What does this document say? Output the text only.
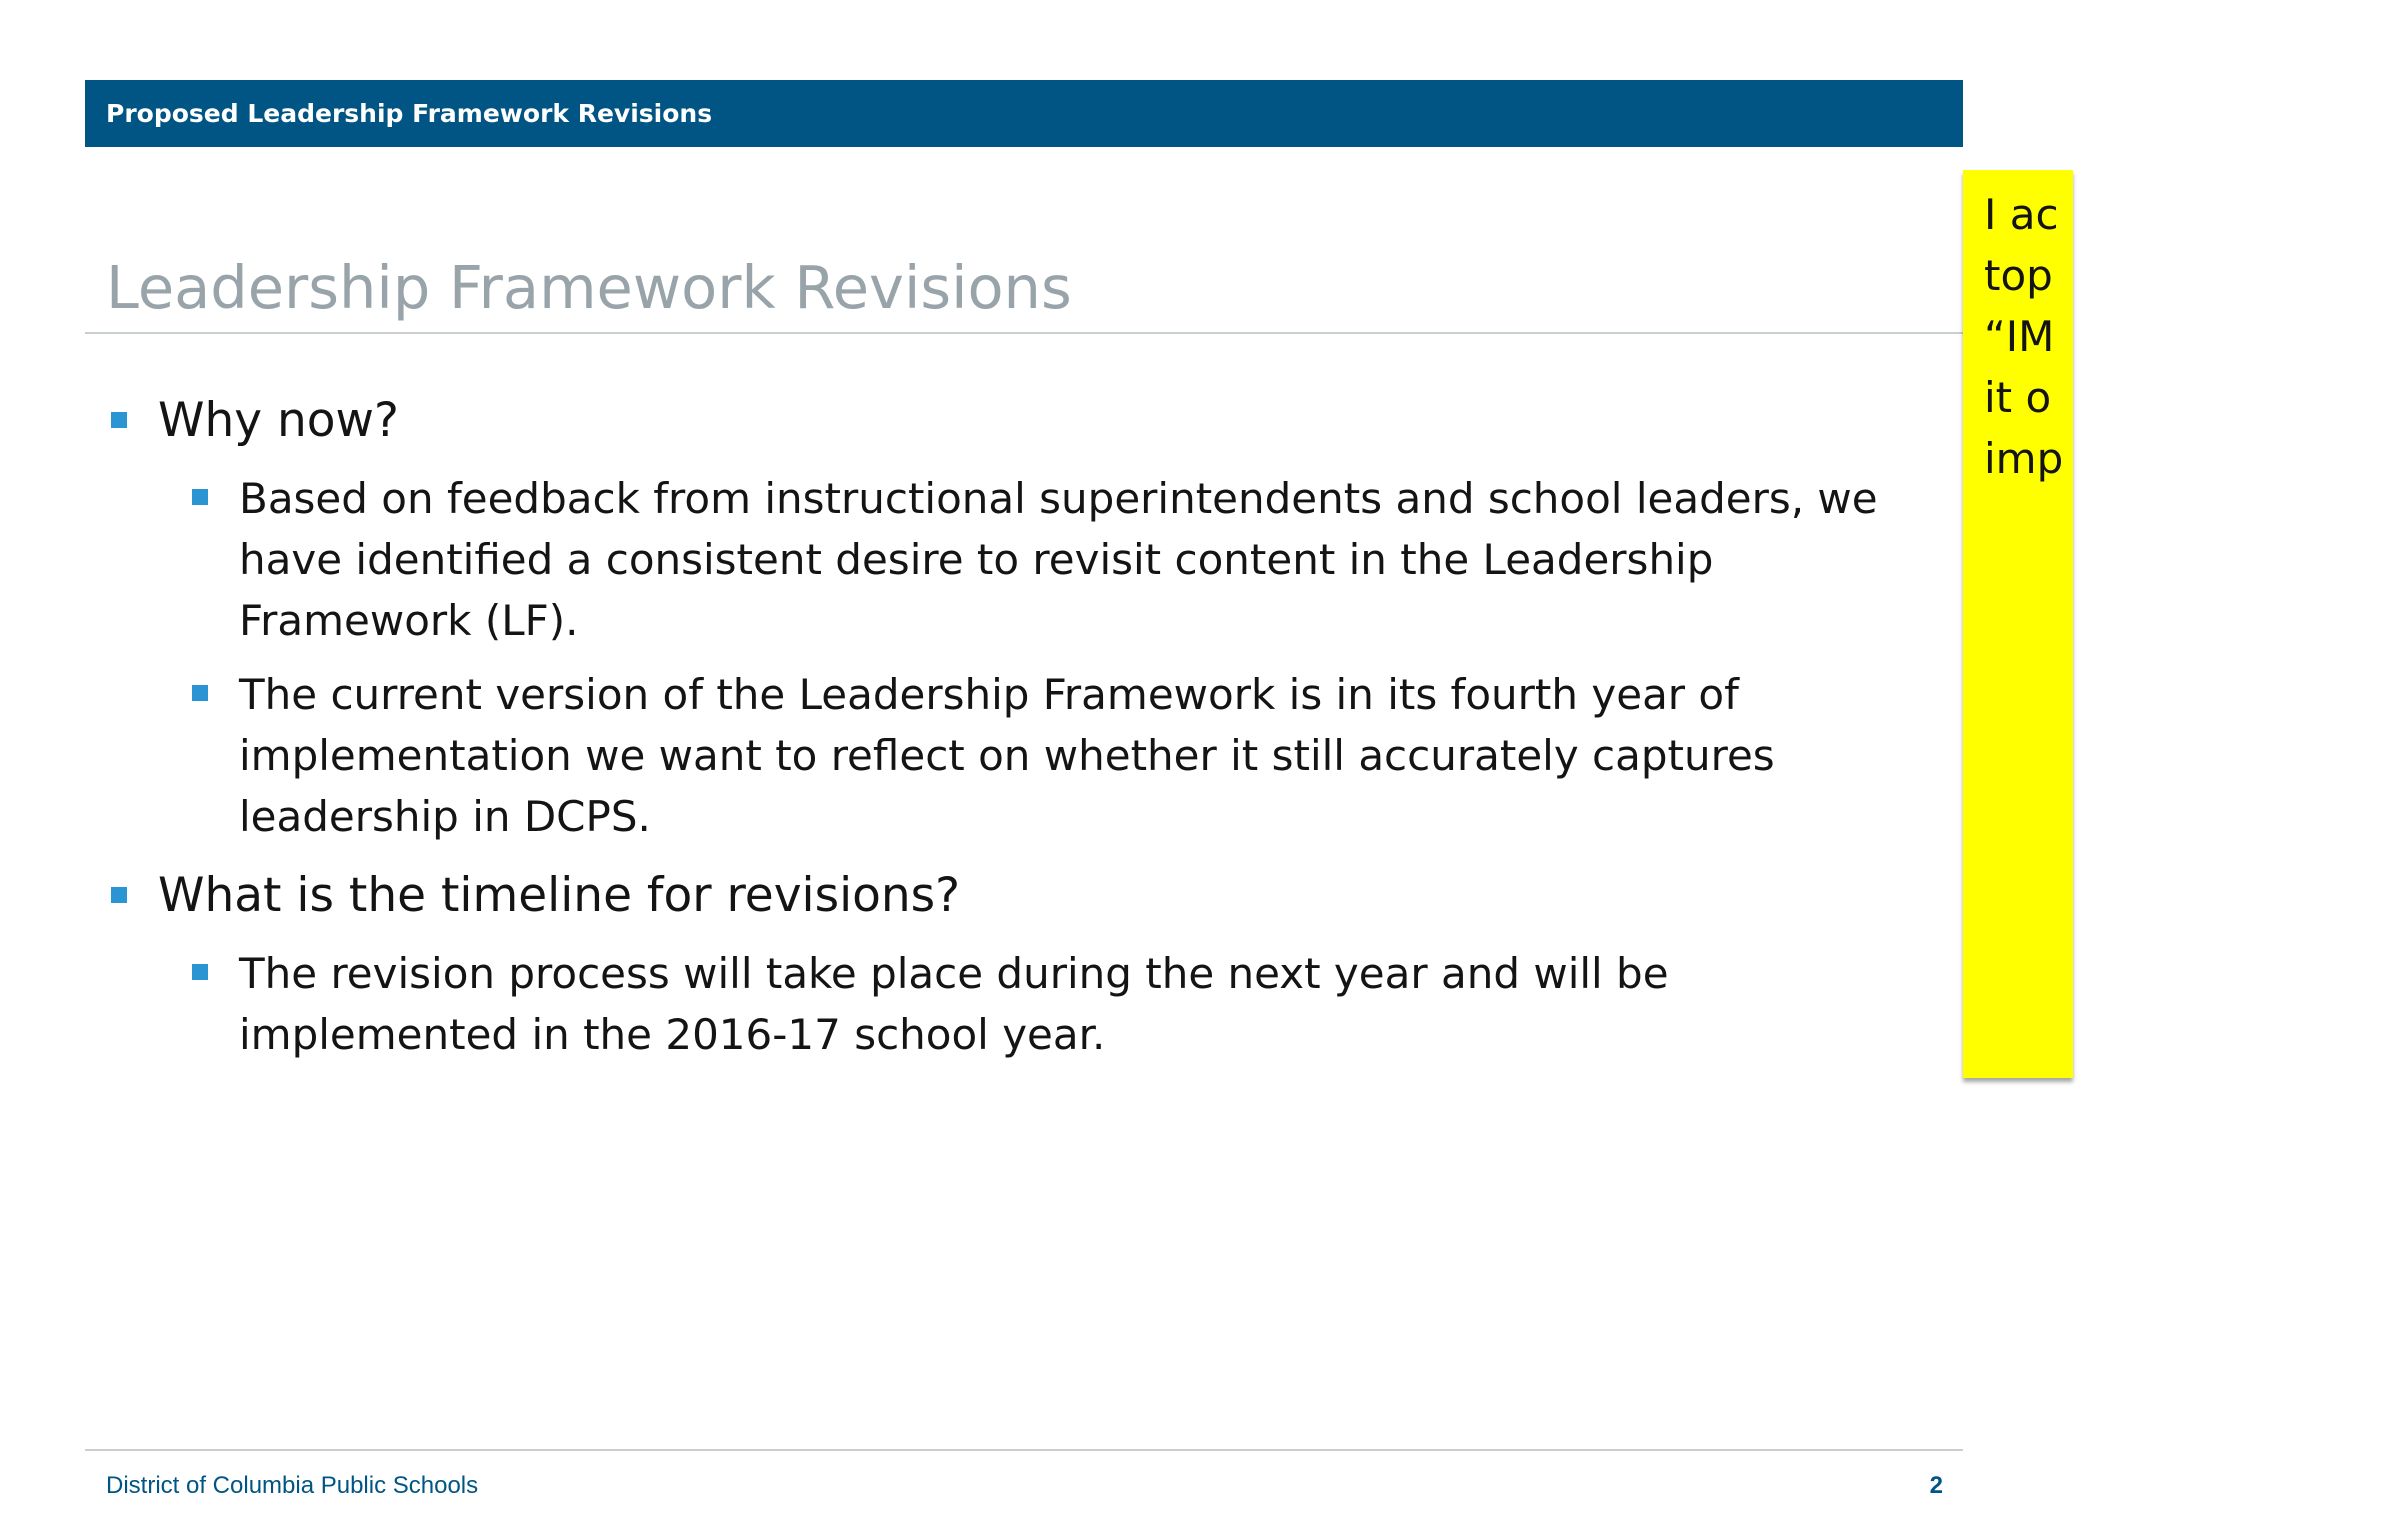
Proposed Leadership Framework Revisions
Leadership Framework Revisions
Why now?
Based on feedback from instructional superintendents and school leaders, we have identified a consistent desire to revisit content in the Leadership Framework (LF).
The current version of the Leadership Framework is in its fourth year of implementation we want to reflect on whether it still accurately captures leadership in DCPS.
What is the timeline for revisions?
The revision process will take place during the next year and will be implemented in the 2016-17 school year.
I ac
top
“IM
it o
imp
District of Columbia Public Schools	2
